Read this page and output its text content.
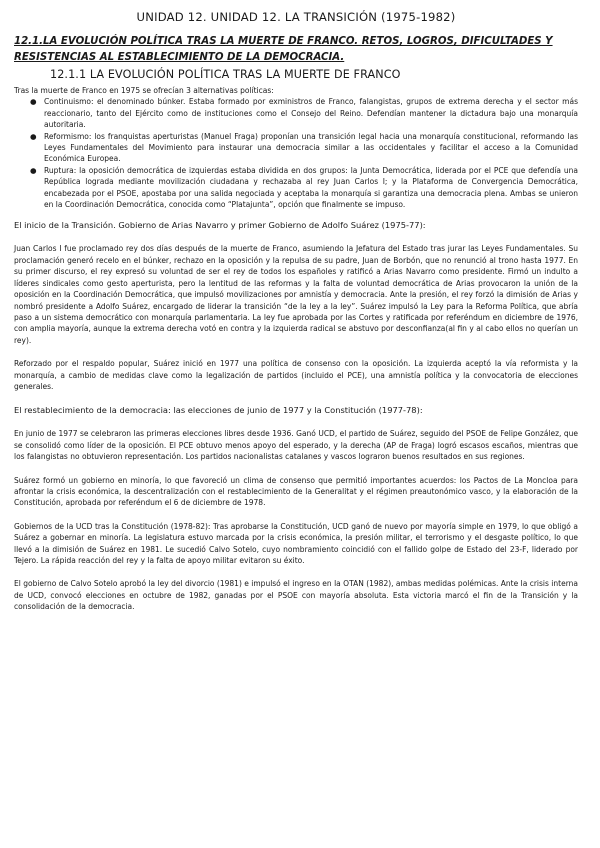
UNIDAD 12. UNIDAD 12. LA TRANSICIÓN (1975-1982)
12.1.LA EVOLUCIÓN POLÍTICA TRAS LA MUERTE DE FRANCO. RETOS, LOGROS, DIFICULTADES Y RESISTENCIAS AL ESTABLECIMIENTO DE LA DEMOCRACIA.
12.1.1 LA EVOLUCIÓN POLÍTICA TRAS LA MUERTE DE FRANCO

Tras la muerte de Franco en 1975 se ofrecían 3 alternativas políticas:

● Continuismo: el denominado búnker. Estaba formado por exministros de Franco, falangistas, grupos de extrema derecha y el sector más reaccionario, tanto del Ejército como de instituciones como el Consejo del Reino. Defendían mantener la dictadura bajo una monarquía autoritaria.
● Reformismo: los franquistas aperturistas (Manuel Fraga) proponían una transición legal hacia una monarquía constitucional, reformando las Leyes Fundamentales del Movimiento para instaurar una democracia similar a las occidentales y facilitar el acceso a la Comunidad Económica Europea.
● Ruptura: la oposición democrática de izquierdas estaba dividida en dos grupos: la Junta Democrática, liderada por el PCE que defendía una República lograda mediante movilización ciudadana y rechazaba al rey Juan Carlos I; y la Plataforma de Convergencia Democrática, encabezada por el PSOE, apostaba por una salida negociada y aceptaba la monarquía si garantiza una democracia plena. Ambas se unieron en la Coordinación Democrática, conocida como “Platajunta”, opción que finalmente se impuso.

El inicio de la Transición. Gobierno de Arias Navarro y primer Gobierno de Adolfo Suárez (1975-77):

Juan Carlos I fue proclamado rey dos días después de la muerte de Franco, asumiendo la Jefatura del Estado tras jurar las Leyes Fundamentales. Su proclamación generó recelo en el búnker, rechazo en la oposición y la repulsa de su padre, Juan de Borbón, que no renunció al trono hasta 1977. En su primer discurso, el rey expresó su voluntad de ser el rey de todos los españoles y ratificó a Arias Navarro como presidente. Firmó un indulto a líderes sindicales como gesto aperturista, pero la lentitud de las reformas y la falta de voluntad democrática de Arias provocaron la unión de la oposición en la Coordinación Democrática, que impulsó movilizaciones por amnistía y democracia. Ante la presión, el rey forzó la dimisión de Arias y nombró presidente a Adolfo Suárez, encargado de liderar la transición “de la ley a la ley”. Suárez impulsó la Ley para la Reforma Política, que abría paso a un sistema democrático con monarquía parlamentaria. La ley fue aprobada por las Cortes y ratificada por referéndum en diciembre de 1976, con amplia mayoría, aunque la extrema derecha votó en contra y la izquierda radical se abstuvo por desconfianza(al fin y al cabo ellos no querían un rey).

Reforzado por el respaldo popular, Suárez inició en 1977 una política de consenso con la oposición. La izquierda aceptó la vía reformista y la monarquía, a cambio de medidas clave como la legalización de partidos (incluido el PCE), una amnistía política y la convocatoria de elecciones generales.

El restablecimiento de la democracia: las elecciones de junio de 1977 y la Constitución (1977-78):

En junio de 1977 se celebraron las primeras elecciones libres desde 1936. Ganó UCD, el partido de Suárez, seguido del PSOE de Felipe González, que se consolidó como líder de la oposición. El PCE obtuvo menos apoyo del esperado, y la derecha (AP de Fraga) logró escasos escaños, mientras que los falangistas no obtuvieron representación. Los partidos nacionalistas catalanes y vascos lograron buenos resultados en sus regiones.

Suárez formó un gobierno en minoría, lo que favoreció un clima de consenso que permitió importantes acuerdos: los Pactos de La Moncloa para afrontar la crisis económica, la descentralización con el restablecimiento de la Generalitat y el régimen preautonómico vasco, y la elaboración de la Constitución, aprobada por referéndum el 6 de diciembre de 1978.

Gobiernos de la UCD tras la Constitución (1978-82): Tras aprobarse la Constitución, UCD ganó de nuevo por mayoría simple en 1979, lo que obligó a Suárez a gobernar en minoría. La legislatura estuvo marcada por la crisis económica, la presión militar, el terrorismo y el desgaste político, lo que llevó a la dimisión de Suárez en 1981. Le sucedió Calvo Sotelo, cuyo nombramiento coincidió con el fallido golpe de Estado del 23-F, liderado por Tejero. La rápida reacción del rey y la falta de apoyo militar evitaron su éxito.

El gobierno de Calvo Sotelo aprobó la ley del divorcio (1981) e impulsó el ingreso en la OTAN (1982), ambas medidas polémicas. Ante la crisis interna de UCD, convocó elecciones en octubre de 1982, ganadas por el PSOE con mayoría absoluta. Esta victoria marcó el fin de la Transición y la consolidación de la democracia.
